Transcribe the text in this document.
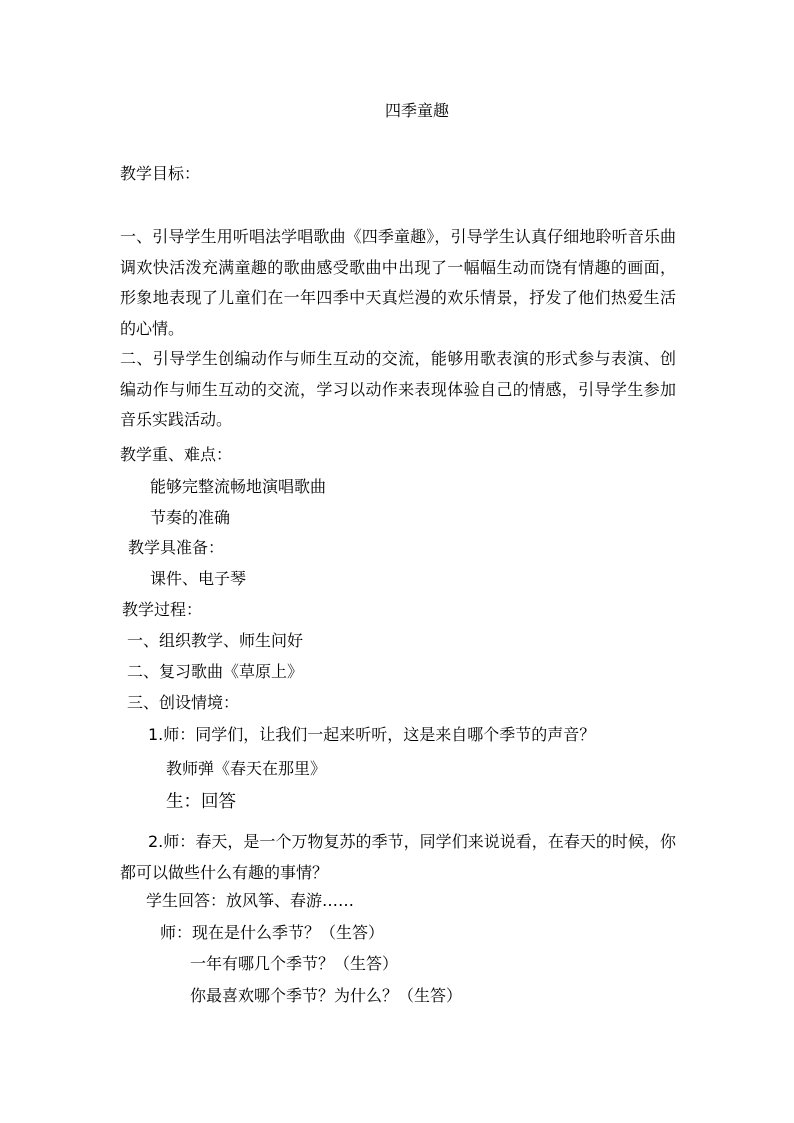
四季童趣
教学目标：
一、引导学生用听唱法学唱歌曲《四季童趣》，引导学生认真仔细地聆听音乐曲调欢快活泼充满童趣的歌曲感受歌曲中出现了一幅幅生动而饶有情趣的画面，形象地表现了儿童们在一年四季中天真烂漫的欢乐情景，抒发了他们热爱生活的心情。
二、引导学生创编动作与师生互动的交流，能够用歌表演的形式参与表演、创编动作与师生互动的交流，学习以动作来表现体验自己的情感，引导学生参加音乐实践活动。
教学重、难点：
能够完整流畅地演唱歌曲
节奏的准确
教学具准备：
课件、电子琴
教学过程：
一、组织教学、师生问好
二、复习歌曲《草原上》
三、创设情境：
1.师：同学们，让我们一起来听听，这是来自哪个季节的声音？
教师弹《春天在那里》
生：回答
2.师：春天，是一个万物复苏的季节，同学们来说说看，在春天的时候，你都可以做些什么有趣的事情？
学生回答：放风筝、春游……
师：现在是什么季节？（生答）
一年有哪几个季节？（生答）
你最喜欢哪个季节？为什么？（生答）
